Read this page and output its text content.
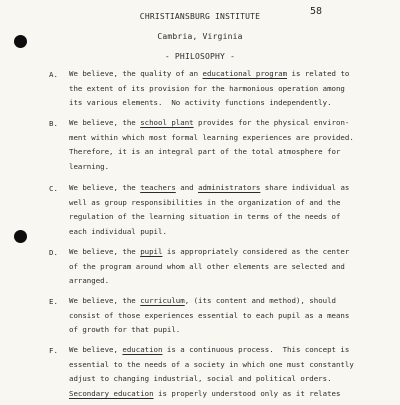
58
CHRISTIANSBURG INSTITUTE
Cambria, Virginia
- PHILOSOPHY -
A. We believe, the quality of an educational program is related to
the extent of its provision for the harmonious operation among
its various elements.  No activity functions independently.
B. We believe, the school plant provides for the physical environ-
ment within which most formal learning experiences are provided.
Therefore, it is an integral part of the total atmosphere for
learning.
C. We believe, the teachers and administrators share individual as
well as group responsibilities in the organization of and the
regulation of the learning situation in terms of the needs of
each individual pupil.
D. We believe, the pupil is appropriately considered as the center
of the program around whom all other elements are selected and
arranged.
E. We believe, the curriculum, (its content and method), should
consist of those experiences essential to each pupil as a means
of growth for that pupil.
F. We believe, education is a continuous process.  This concept is
essential to the needs of a society in which one must constantly
adjust to changing industrial, social and political orders.
Secondary education is properly understood only as it relates
